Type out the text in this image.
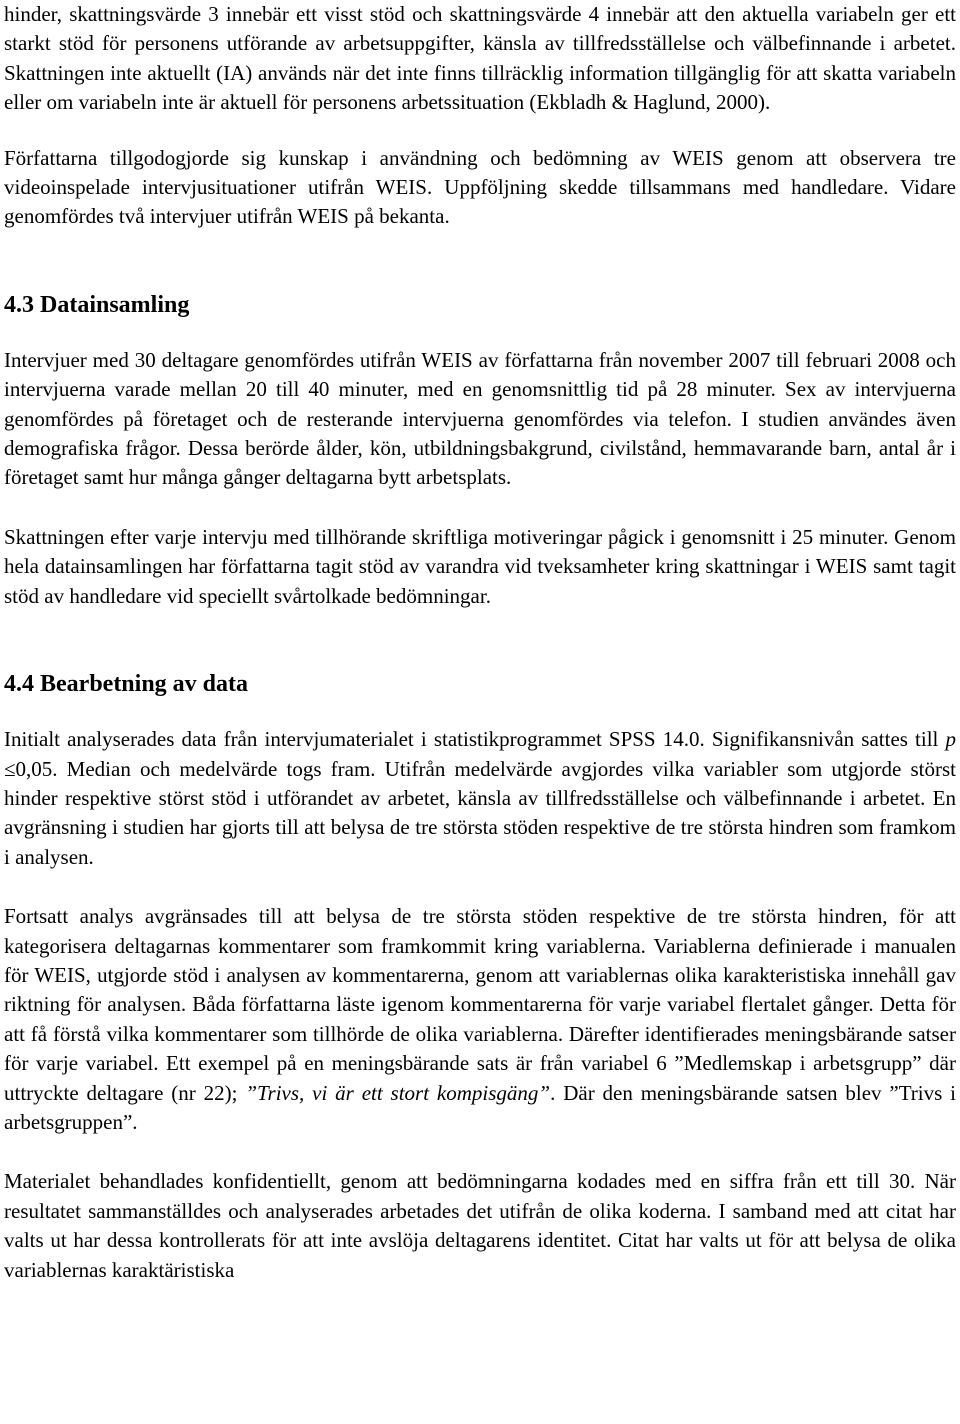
hinder, skattningsvärde 3 innebär ett visst stöd och skattningsvärde 4 innebär att den aktuella variabeln ger ett starkt stöd för personens utförande av arbetsuppgifter, känsla av tillfredsställelse och välbefinnande i arbetet. Skattningen inte aktuellt (IA) används när det inte finns tillräcklig information tillgänglig för att skatta variabeln eller om variabeln inte är aktuell för personens arbetssituation (Ekbladh & Haglund, 2000).

Författarna tillgodogjorde sig kunskap i användning och bedömning av WEIS genom att observera tre videoinspelade intervjusituationer utifrån WEIS. Uppföljning skedde tillsammans med handledare. Vidare genomfördes två intervjuer utifrån WEIS på bekanta.

4.3 Datainsamling

Intervjuer med 30 deltagare genomfördes utifrån WEIS av författarna från november 2007 till februari 2008 och intervjuerna varade mellan 20 till 40 minuter, med en genomsnittlig tid på 28 minuter. Sex av intervjuerna genomfördes på företaget och de resterande intervjuerna genomfördes via telefon. I studien användes även demografiska frågor. Dessa berörde ålder, kön, utbildningsbakgrund, civilstånd, hemmavarande barn, antal år i företaget samt hur många gånger deltagarna bytt arbetsplats.

Skattningen efter varje intervju med tillhörande skriftliga motiveringar pågick i genomsnitt i 25 minuter. Genom hela datainsamlingen har författarna tagit stöd av varandra vid tveksamheter kring skattningar i WEIS samt tagit stöd av handledare vid speciellt svårtolkade bedömningar.

4.4 Bearbetning av data

Initialt analyserades data från intervjumaterialet i statistikprogrammet SPSS 14.0. Signifikansnivån sattes till p ≤0,05. Median och medelvärde togs fram. Utifrån medelvärde avgjordes vilka variabler som utgjorde störst hinder respektive störst stöd i utförandet av arbetet, känsla av tillfredsställelse och välbefinnande i arbetet. En avgränsning i studien har gjorts till att belysa de tre största stöden respektive de tre största hindren som framkom i analysen.

Fortsatt analys avgränsades till att belysa de tre största stöden respektive de tre största hindren, för att kategorisera deltagarnas kommentarer som framkommit kring variablerna. Variablerna definierade i manualen för WEIS, utgjorde stöd i analysen av kommentarerna, genom att variablernas olika karakteristiska innehåll gav riktning för analysen. Båda författarna läste igenom kommentarerna för varje variabel flertalet gånger. Detta för att få förstå vilka kommentarer som tillhörde de olika variablerna. Därefter identifierades meningsbärande satser för varje variabel. Ett exempel på en meningsbärande sats är från variabel 6 ”Medlemskap i arbetsgrupp” där uttryckte deltagare (nr 22); ”Trivs, vi är ett stort kompisgäng”. Där den meningsbärande satsen blev ”Trivs i arbetsgruppen”.

Materialet behandlades konfidentiellt, genom att bedömningarna kodades med en siffra från ett till 30. När resultatet sammanställdes och analyserades arbetades det utifrån de olika koderna. I samband med att citat har valts ut har dessa kontrollerats för att inte avslöja deltagarens identitet. Citat har valts ut för att belysa de olika variablernas karaktäristiska
